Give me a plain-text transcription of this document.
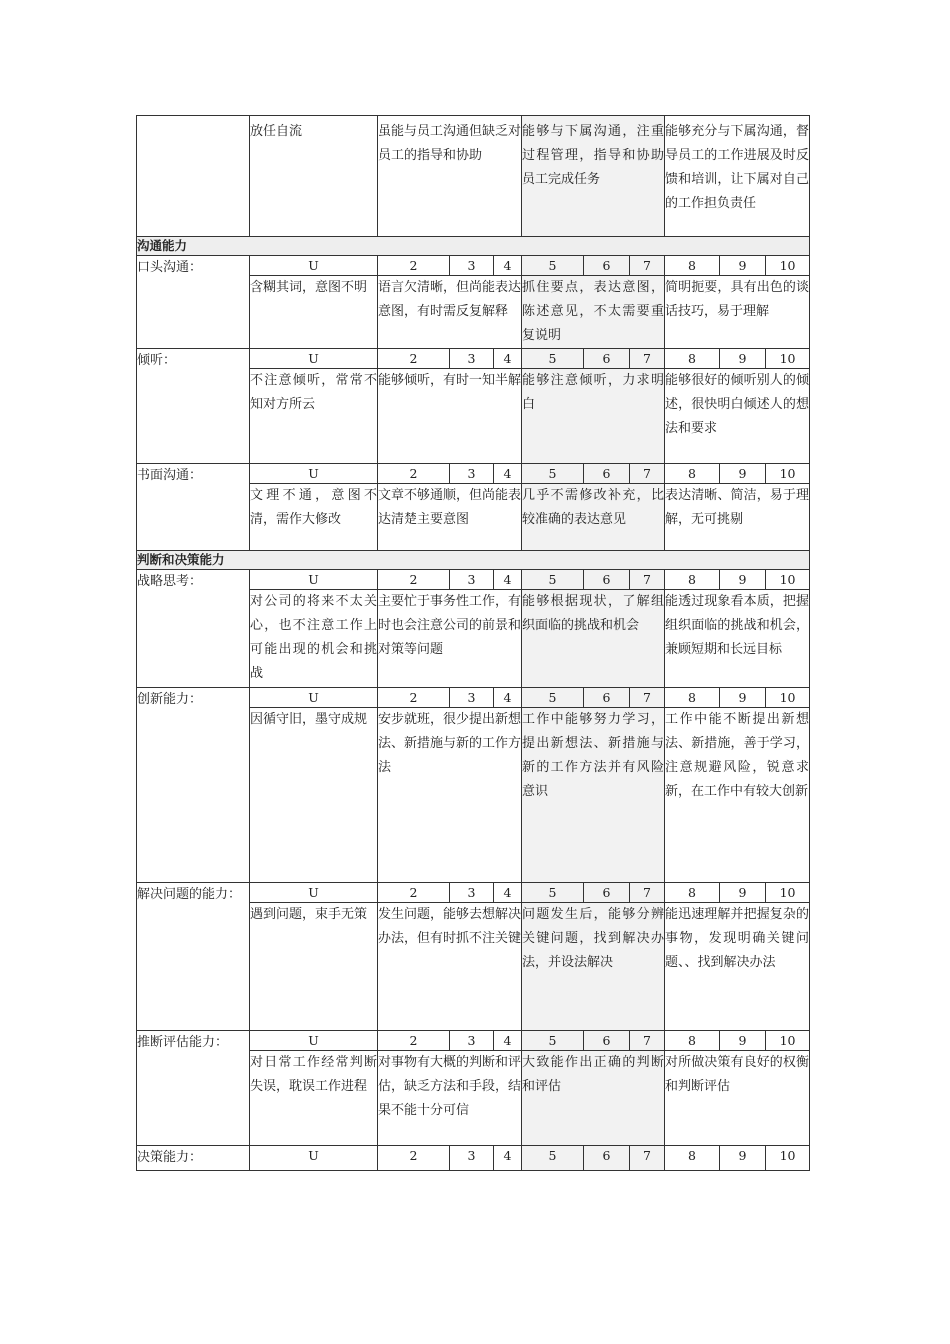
	放任自流	虽能与员工沟通但缺乏对员工的指导和协助			能够与下属沟通，注重过程管理，指导和协助员工完成任务			能够充分与下属沟通，督导员工的工作进展及时反馈和培训，让下属对自己的工作担负责任		
沟通能力										
口头沟通：	U	2	3	4	5	6	7	8	9	10
	含糊其词，意图不明	语言欠清晰，但尚能表达意图，有时需反复解释			抓住要点，表达意图，陈述意见，不太需要重复说明			简明扼要，具有出色的谈话技巧，易于理解		
倾听：	U	2	3	4	5	6	7	8	9	10
	不注意倾听，常常不知对方所云	能够倾听，有时一知半解			能够注意倾听，力求明白			能够很好的倾听别人的倾述，很快明白倾述人的想法和要求		
书面沟通：	U	2	3	4	5	6	7	8	9	10
	文理不通，意图不清，需作大修改	文章不够通顺，但尚能表达清楚主要意图			几乎不需修改补充，比较准确的表达意见			表达清晰、简洁，易于理解，无可挑剔		
判断和决策能力										
战略思考：	U	2	3	4	5	6	7	8	9	10
	对公司的将来不太关心，也不注意工作上可能出现的机会和挑战	主要忙于事务性工作，有时也会注意公司的前景和对策等问题			能够根据现状，了解组织面临的挑战和机会			能透过现象看本质，把握组织面临的挑战和机会，兼顾短期和长远目标		
创新能力：	U	2	3	4	5	6	7	8	9	10
	因循守旧，墨守成规	安步就班，很少提出新想法、新措施与新的工作方法			工作中能够努力学习，提出新想法、新措施与新的工作方法并有风险意识			工作中能不断提出新想法、新措施，善于学习，注意规避风险，锐意求新，在工作中有较大创新		
解决问题的能力：	U	2	3	4	5	6	7	8	9	10
	遇到问题，束手无策	发生问题，能够去想解决办法，但有时抓不注关键			问题发生后，能够分辨关键问题，找到解决办法，并设法解决			能迅速理解并把握复杂的事物，发现明确关键问题、、找到解决办法		
推断评估能力：	U	2	3	4	5	6	7	8	9	10
	对日常工作经常判断失误，耽误工作进程	对事物有大概的判断和评估，缺乏方法和手段，结果不能十分可信			大致能作出正确的判断和评估			对所做决策有良好的权衡和判断评估		
决策能力：	U	2	3	4	5	6	7	8	9	10
